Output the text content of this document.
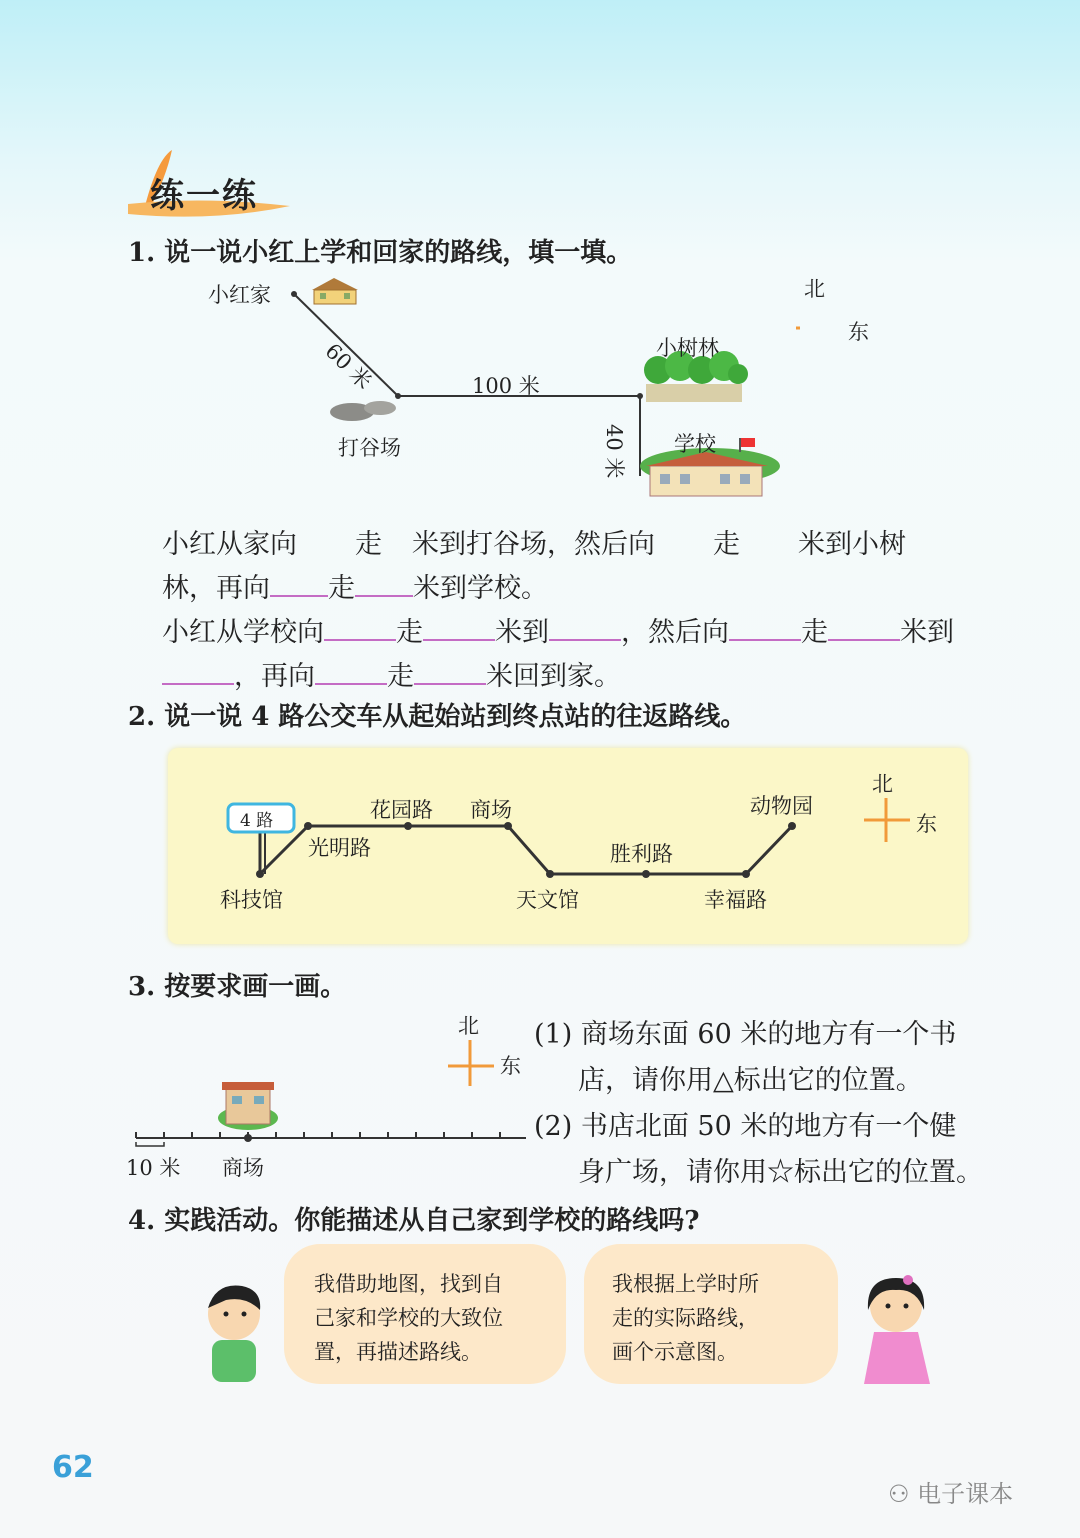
练一练
1. 说一说小红上学和回家的路线，填一填。
小红家
打谷场
小树林
学校
60 米	100 米
40 米
北
东
小红从家向 走 米到打谷场，然后向 走 米到小树
林，再向 走 米到学校。
小红从学校向	走	米到	，然后向	走	米到
，再向	走	米回到家。
2. 说一说 4 路公交车从起始站到终点站的往返路线。
4 路
科技馆
光明路
花园路 商场
天文馆
胜利路
幸福路
动物园
北
东
3. 按要求画一画。
北
东
10 米 商场
(1) 商场东面 60 米的地方有一个书
店，请你用△标出它的位置。
(2) 书店北面 50 米的地方有一个健
身广场，请你用☆标出它的位置。
4. 实践活动。你能描述从自己家到学校的路线吗?
我借助地图，找到自
己家和学校的大致位
置，再描述路线。
我根据上学时所
走的实际路线，
画个示意图。
62
⚇ 电子课本
